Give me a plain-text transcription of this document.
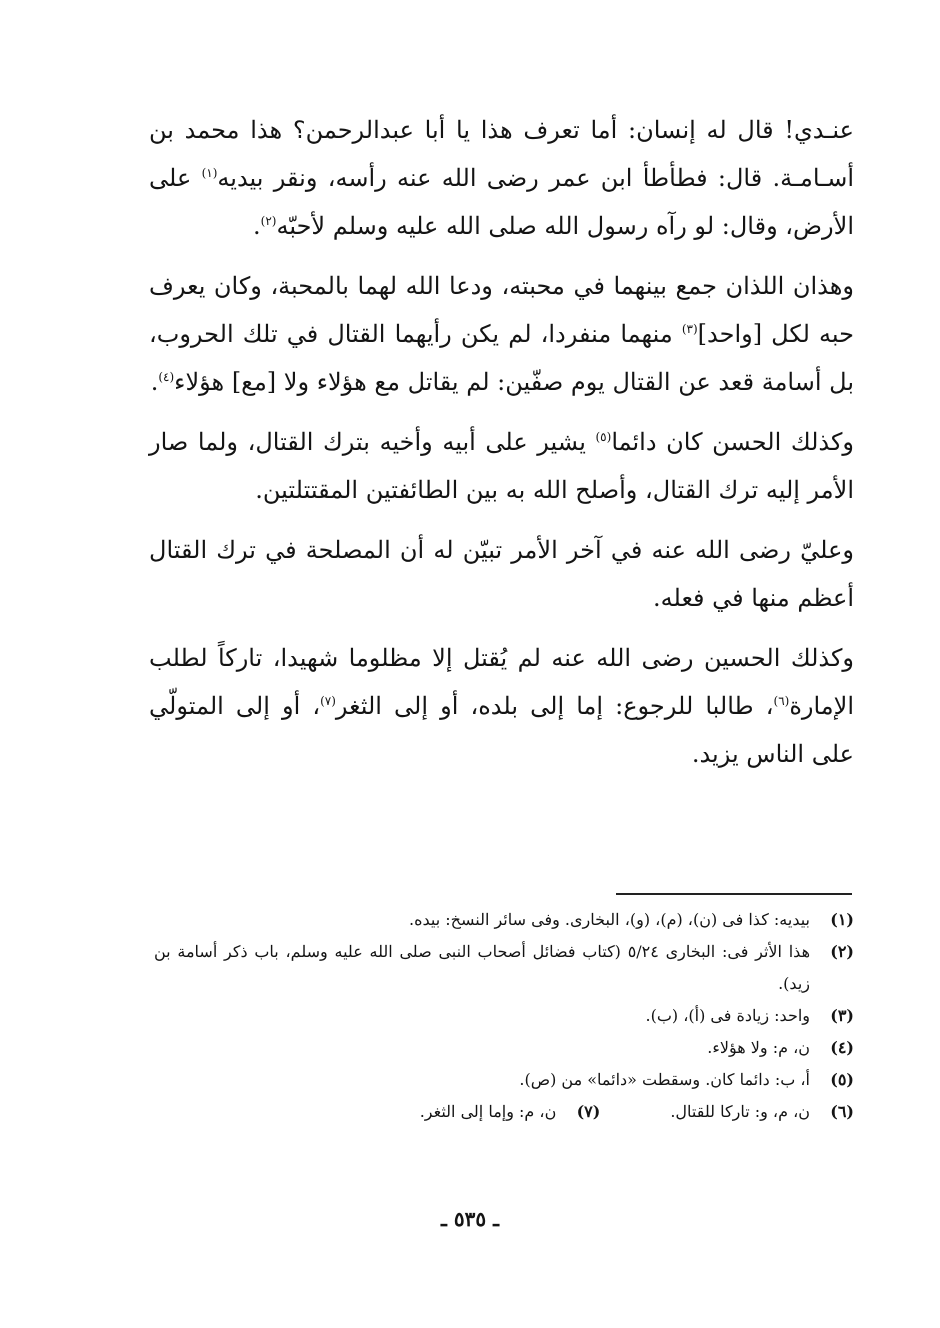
عنـدي! قال له إنسان: أما تعرف هذا يا أبا عبدالرحمن؟ هذا محمد بن أسـامـة. قال: فطأطأ ابن عمر رضى الله عنه رأسه، ونقر بيديه$^{(١)}$ على الأرض، وقال: لو رآه رسول الله صلى الله عليه وسلم لأحبّه$^{(٢)}$.

وهذان اللذان جمع بينهما في محبته، ودعا الله لهما بالمحبة، وكان يعرف حبه لكل [واحد]$^{(٣)}$ منهما منفردا، لم يكن رأيهما القتال في تلك الحروب، بل أسامة قعد عن القتال يوم صفّين: لم يقاتل مع هؤلاء ولا [مع] هؤلاء$^{(٤)}$.

وكذلك الحسن كان دائما$^{(٥)}$ يشير على أبيه وأخيه بترك القتال، ولما صار الأمر إليه ترك القتال، وأصلح الله به بين الطائفتين المقتتلتين.

وعليّ رضى الله عنه في آخر الأمر تبيّن له أن المصلحة في ترك القتال أعظم منها في فعله.

وكذلك الحسين رضى الله عنه لم يُقتل إلا مظلوما شهيدا، تاركاً لطلب الإمارة$^{(٦)}$، طالبا للرجوع: إما إلى بلده، أو إلى الثغر$^{(٧)}$، أو إلى المتولّي على الناس يزيد.

(١)
بيديه: كذا فى (ن)، (م)، (و)، البخارى. وفى سائر النسخ: بيده.
(٢)
هذا الأثر فى: البخارى ٥/٢٤ (كتاب فضائل أصحاب النبى صلى الله عليه وسلم، باب ذكر أسامة بن زيد).
(٣)
واحد: زيادة فى (أ)، (ب).
(٤)
ن، م: ولا هؤلاء.
(٥)
أ، ب: دائما كان. وسقطت «دائما» من (ص).
(٦)
ن، م، و: تاركا للقتال.
(٧)
ن، م: وإما إلى الثغر.
ـ ٥٣٥ ـ
